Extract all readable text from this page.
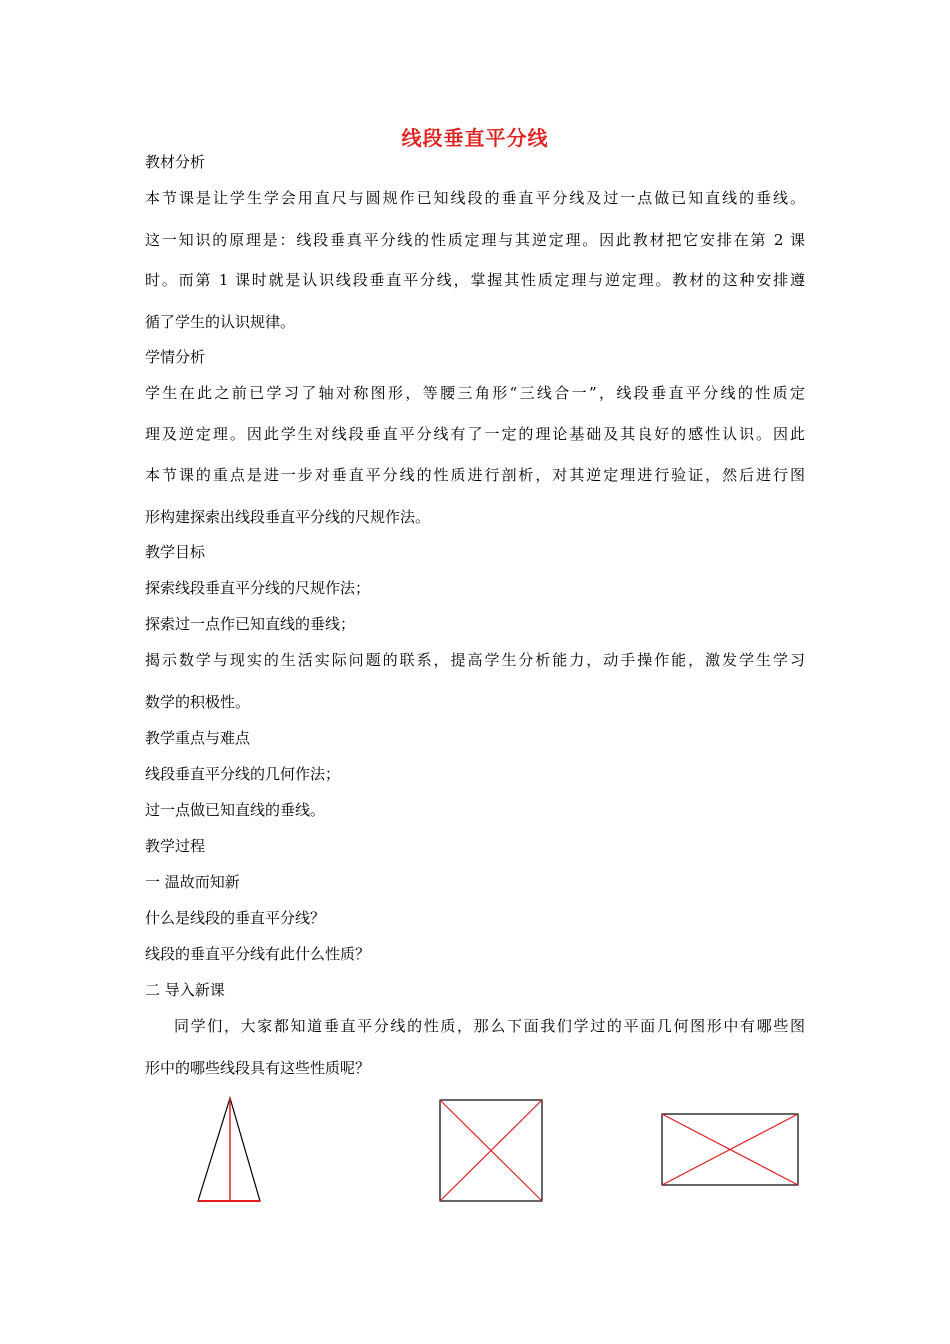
线段垂直平分线
教材分析
本节课是让学生学会用直尺与圆规作已知线段的垂直平分线及过一点做已知直线的垂线。
这一知识的原理是：线段垂真平分线的性质定理与其逆定理。因此教材把它安排在第 2 课
时。而第 1 课时就是认识线段垂直平分线，掌握其性质定理与逆定理。教材的这种安排遵
循了学生的认识规律。
学情分析
学生在此之前已学习了轴对称图形，等腰三角形“三线合一”，线段垂直平分线的性质定
理及逆定理。因此学生对线段垂直平分线有了一定的理论基础及其良好的感性认识。因此
本节课的重点是进一步对垂直平分线的性质进行剖析，对其逆定理进行验证，然后进行图
形构建探索出线段垂直平分线的尺规作法。
教学目标
探索线段垂直平分线的尺规作法；
探索过一点作已知直线的垂线；
揭示数学与现实的生活实际问题的联系，提高学生分析能力，动手操作能，激发学生学习
数学的积极性。
教学重点与难点
线段垂直平分线的几何作法；
过一点做已知直线的垂线。
教学过程
一 温故而知新
什么是线段的垂直平分线？
线段的垂直平分线有此什么性质？
二 导入新课
同学们，大家都知道垂直平分线的性质，那么下面我们学过的平面几何图形中有哪些图
形中的哪些线段具有这些性质呢？
